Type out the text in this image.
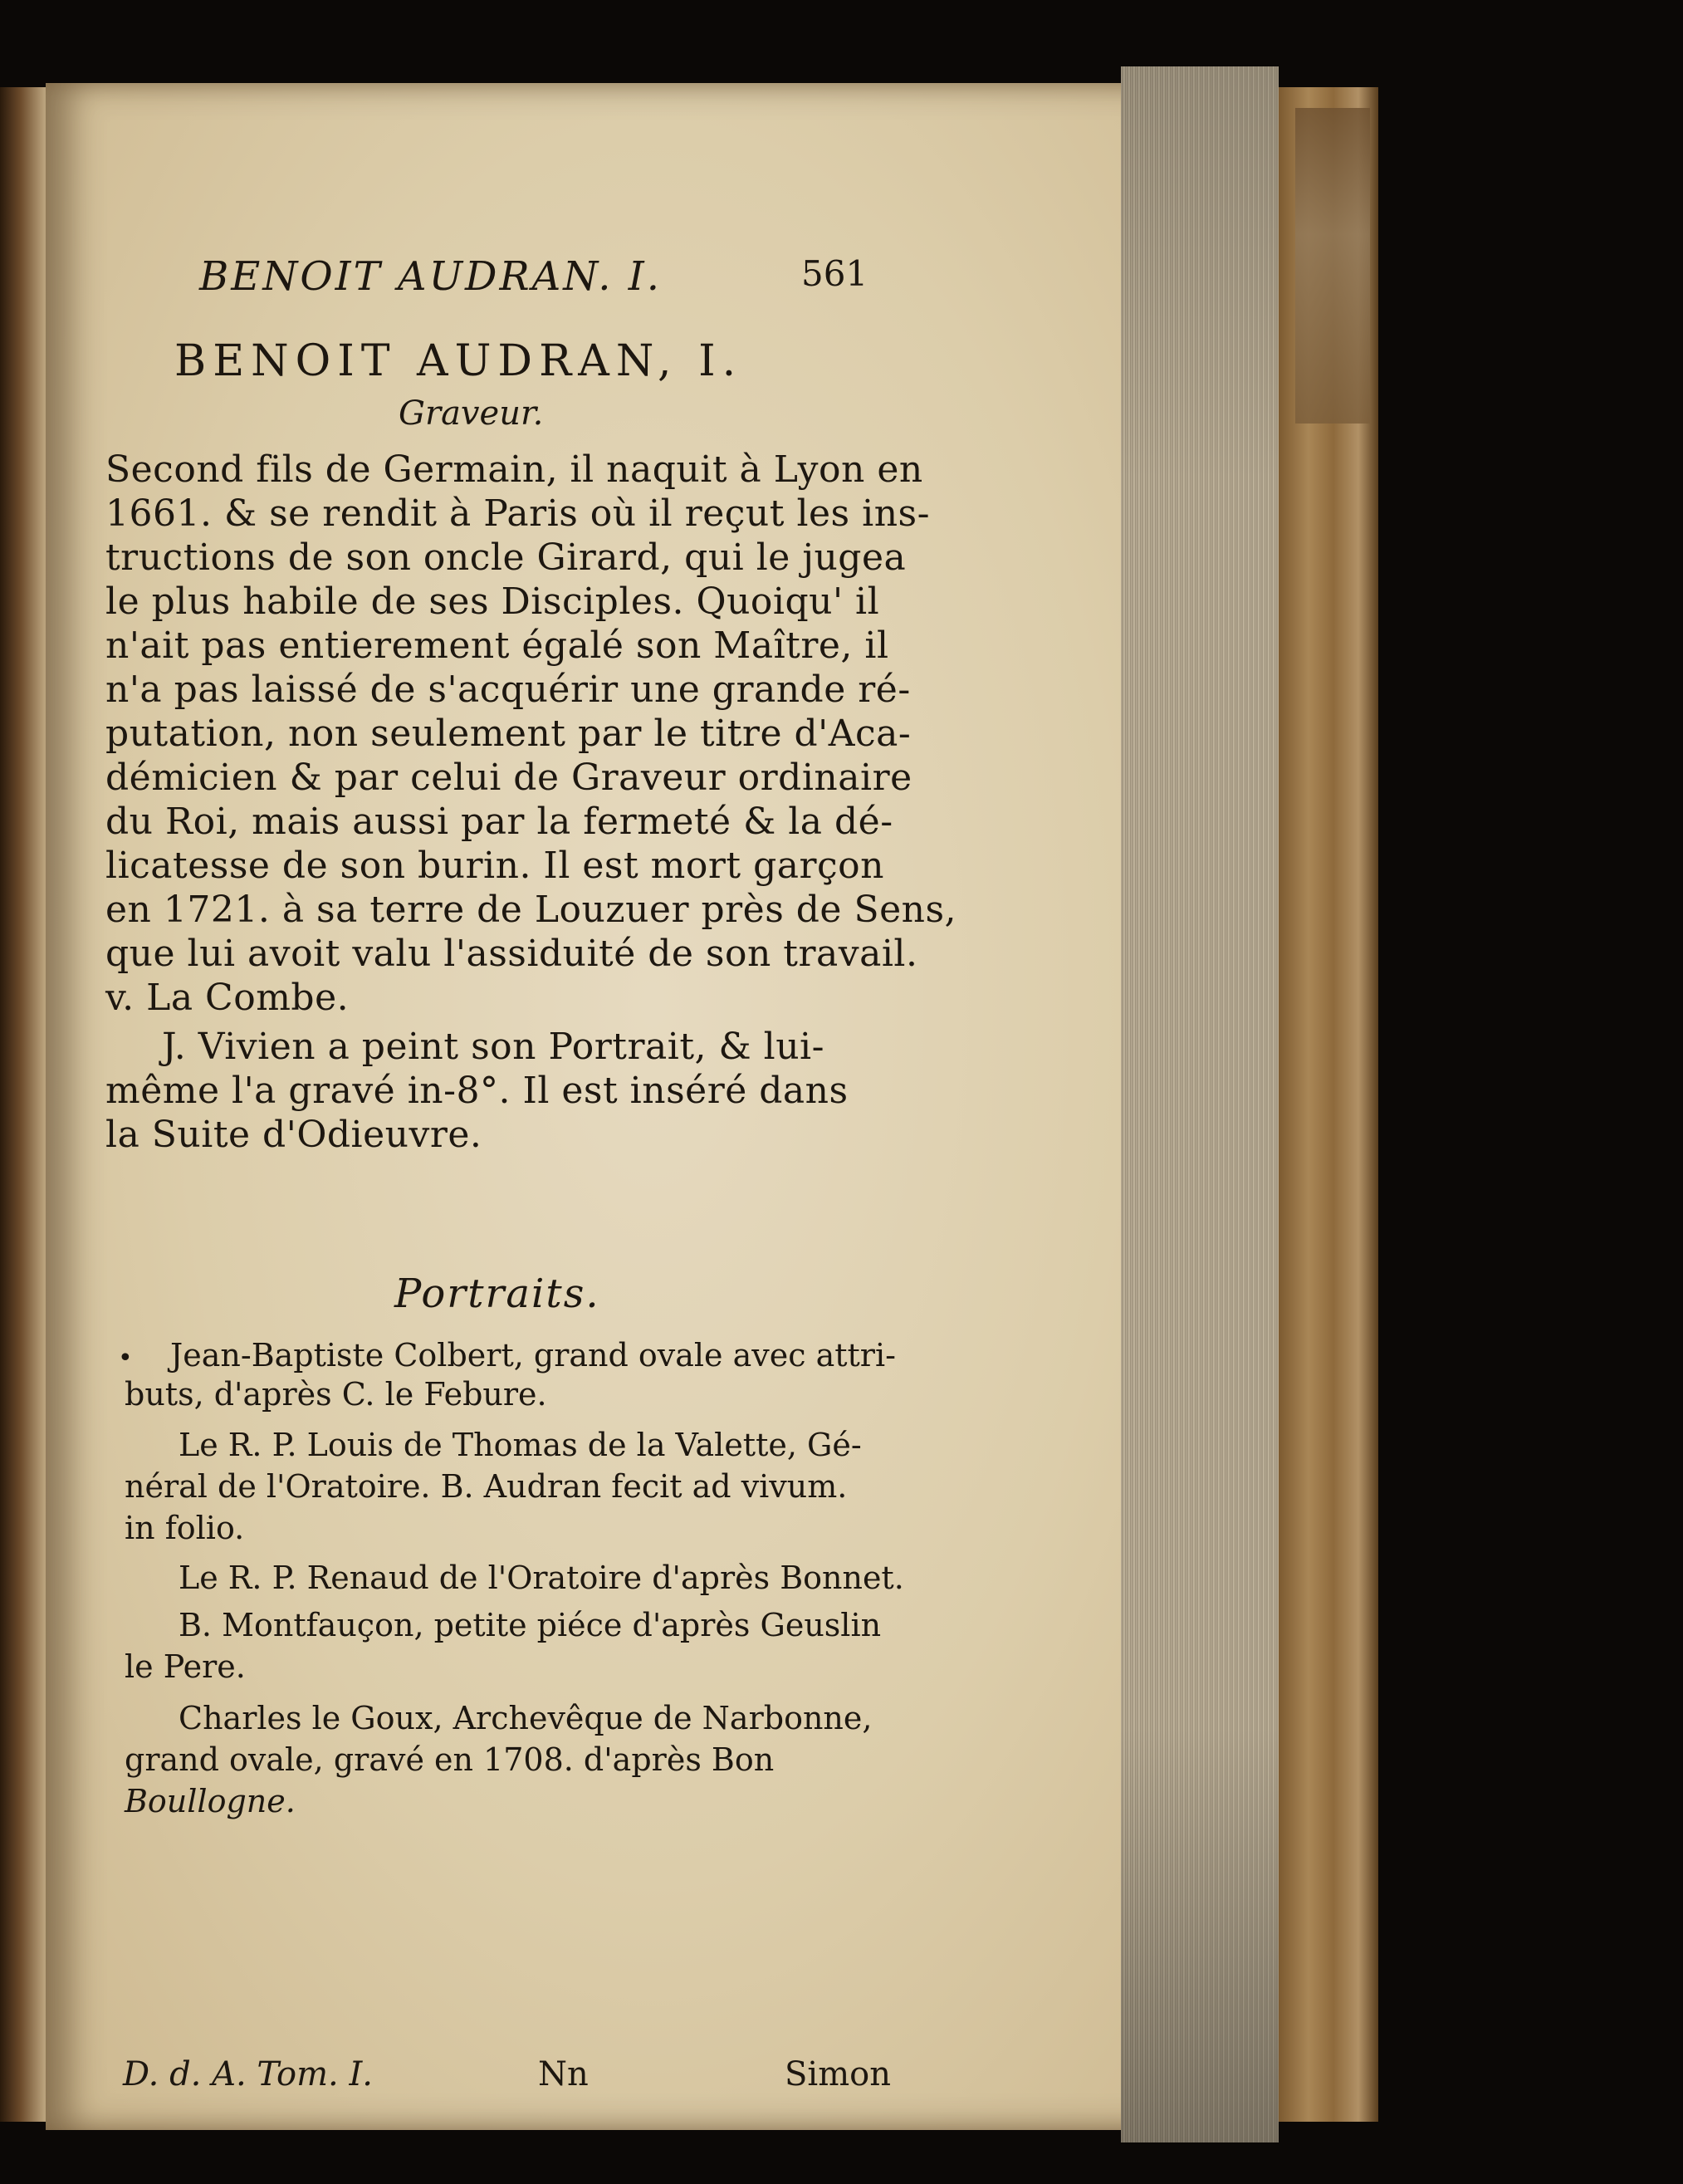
BENOIT AUDRAN. I.	561
BENOIT AUDRAN, I.
Graveur.
Second fils de Germain, il naquit à Lyon en
1661. & se rendit à Paris où il reçut les ins-
tructions de son oncle Girard, qui le jugea
le plus habile de ses Disciples. Quoiqu' il
n'ait pas entierement égalé son Maître, il
n'a pas laissé de s'acquérir une grande ré-
putation, non seulement par le titre d'Aca-
démicien & par celui de Graveur ordinaire
du Roi, mais aussi par la fermeté & la dé-
licatesse de son burin. Il est mort garçon
en 1721. à sa terre de Louzuer près de Sens,
que lui avoit valu l'assiduité de son travail.
v. La Combe.
J. Vivien a peint son Portrait, & lui-
même l'a gravé in-8°. Il est inséré dans
la Suite d'Odieuvre.
Portraits.
• Jean-Baptiste Colbert, grand ovale avec attri-
buts, d'après C. le Febure.
Le R. P. Louis de Thomas de la Valette, Gé-
néral de l'Oratoire. B. Audran fecit ad vivum.
in folio.
Le R. P. Renaud de l'Oratoire d'après Bonnet.
B. Montfauçon, petite piéce d'après Geuslin
le Pere.
Charles le Goux, Archevêque de Narbonne,
grand ovale, gravé en 1708. d'après Bon
Boullogne.
D. d. A. Tom. I.	Nn	Simon
